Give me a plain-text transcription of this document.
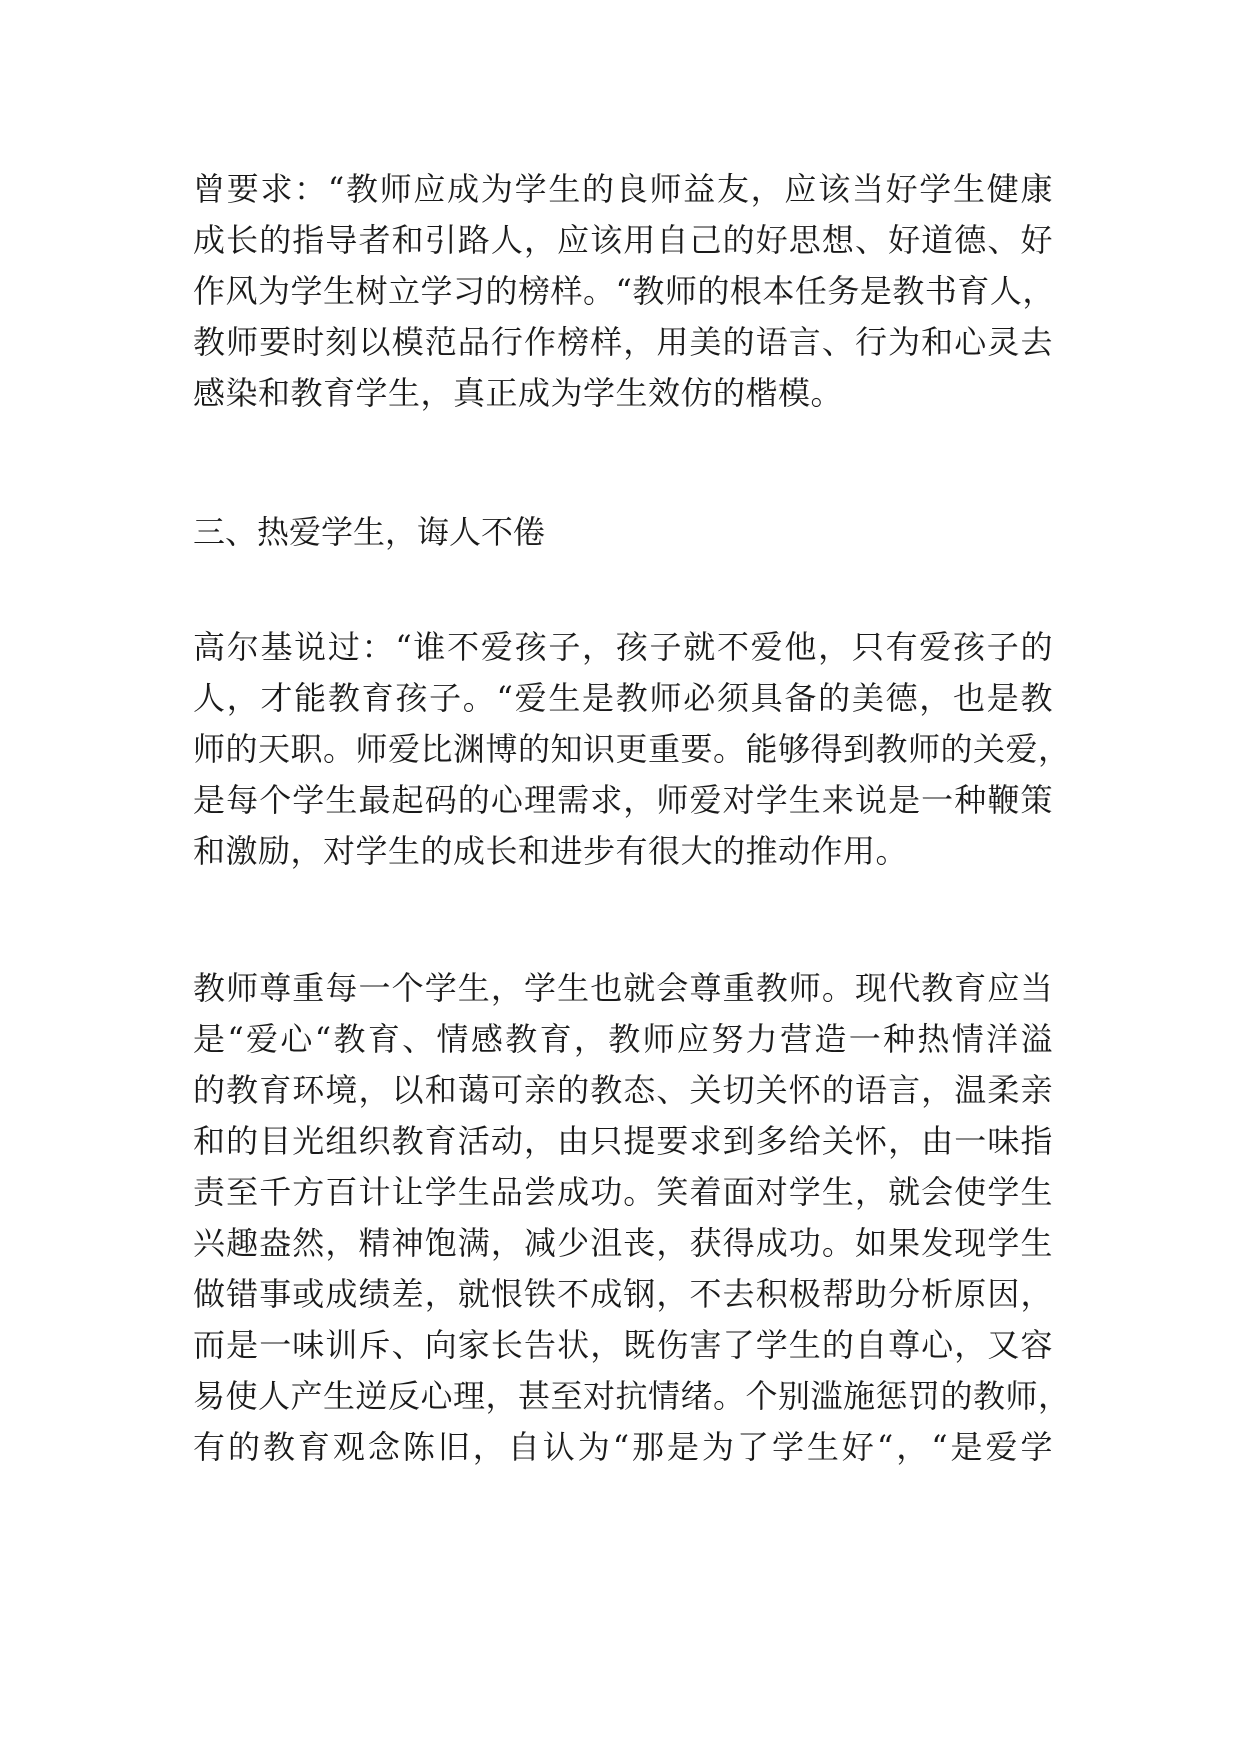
曾要求：“教师应成为学生的良师益友，应该当好学生健康
成长的指导者和引路人，应该用自己的好思想、好道德、好
作风为学生树立学习的榜样。“教师的根本任务是教书育人，
教师要时刻以模范品行作榜样，用美的语言、行为和心灵去
感染和教育学生，真正成为学生效仿的楷模。
三、热爱学生，诲人不倦
高尔基说过：“谁不爱孩子，孩子就不爱他，只有爱孩子的
人，才能教育孩子。“爱生是教师必须具备的美德，也是教
师的天职。师爱比渊博的知识更重要。能够得到教师的关爱，
是每个学生最起码的心理需求，师爱对学生来说是一种鞭策
和激励，对学生的成长和进步有很大的推动作用。
教师尊重每一个学生，学生也就会尊重教师。现代教育应当
是“爱心“教育、情感教育，教师应努力营造一种热情洋溢
的教育环境，以和蔼可亲的教态、关切关怀的语言，温柔亲
和的目光组织教育活动，由只提要求到多给关怀，由一味指
责至千方百计让学生品尝成功。笑着面对学生，就会使学生
兴趣盎然，精神饱满，减少沮丧，获得成功。如果发现学生
做错事或成绩差，就恨铁不成钢，不去积极帮助分析原因，
而是一味训斥、向家长告状，既伤害了学生的自尊心，又容
易使人产生逆反心理，甚至对抗情绪。个别滥施惩罚的教师，
有的教育观念陈旧，自认为“那是为了学生好“，“是爱学
